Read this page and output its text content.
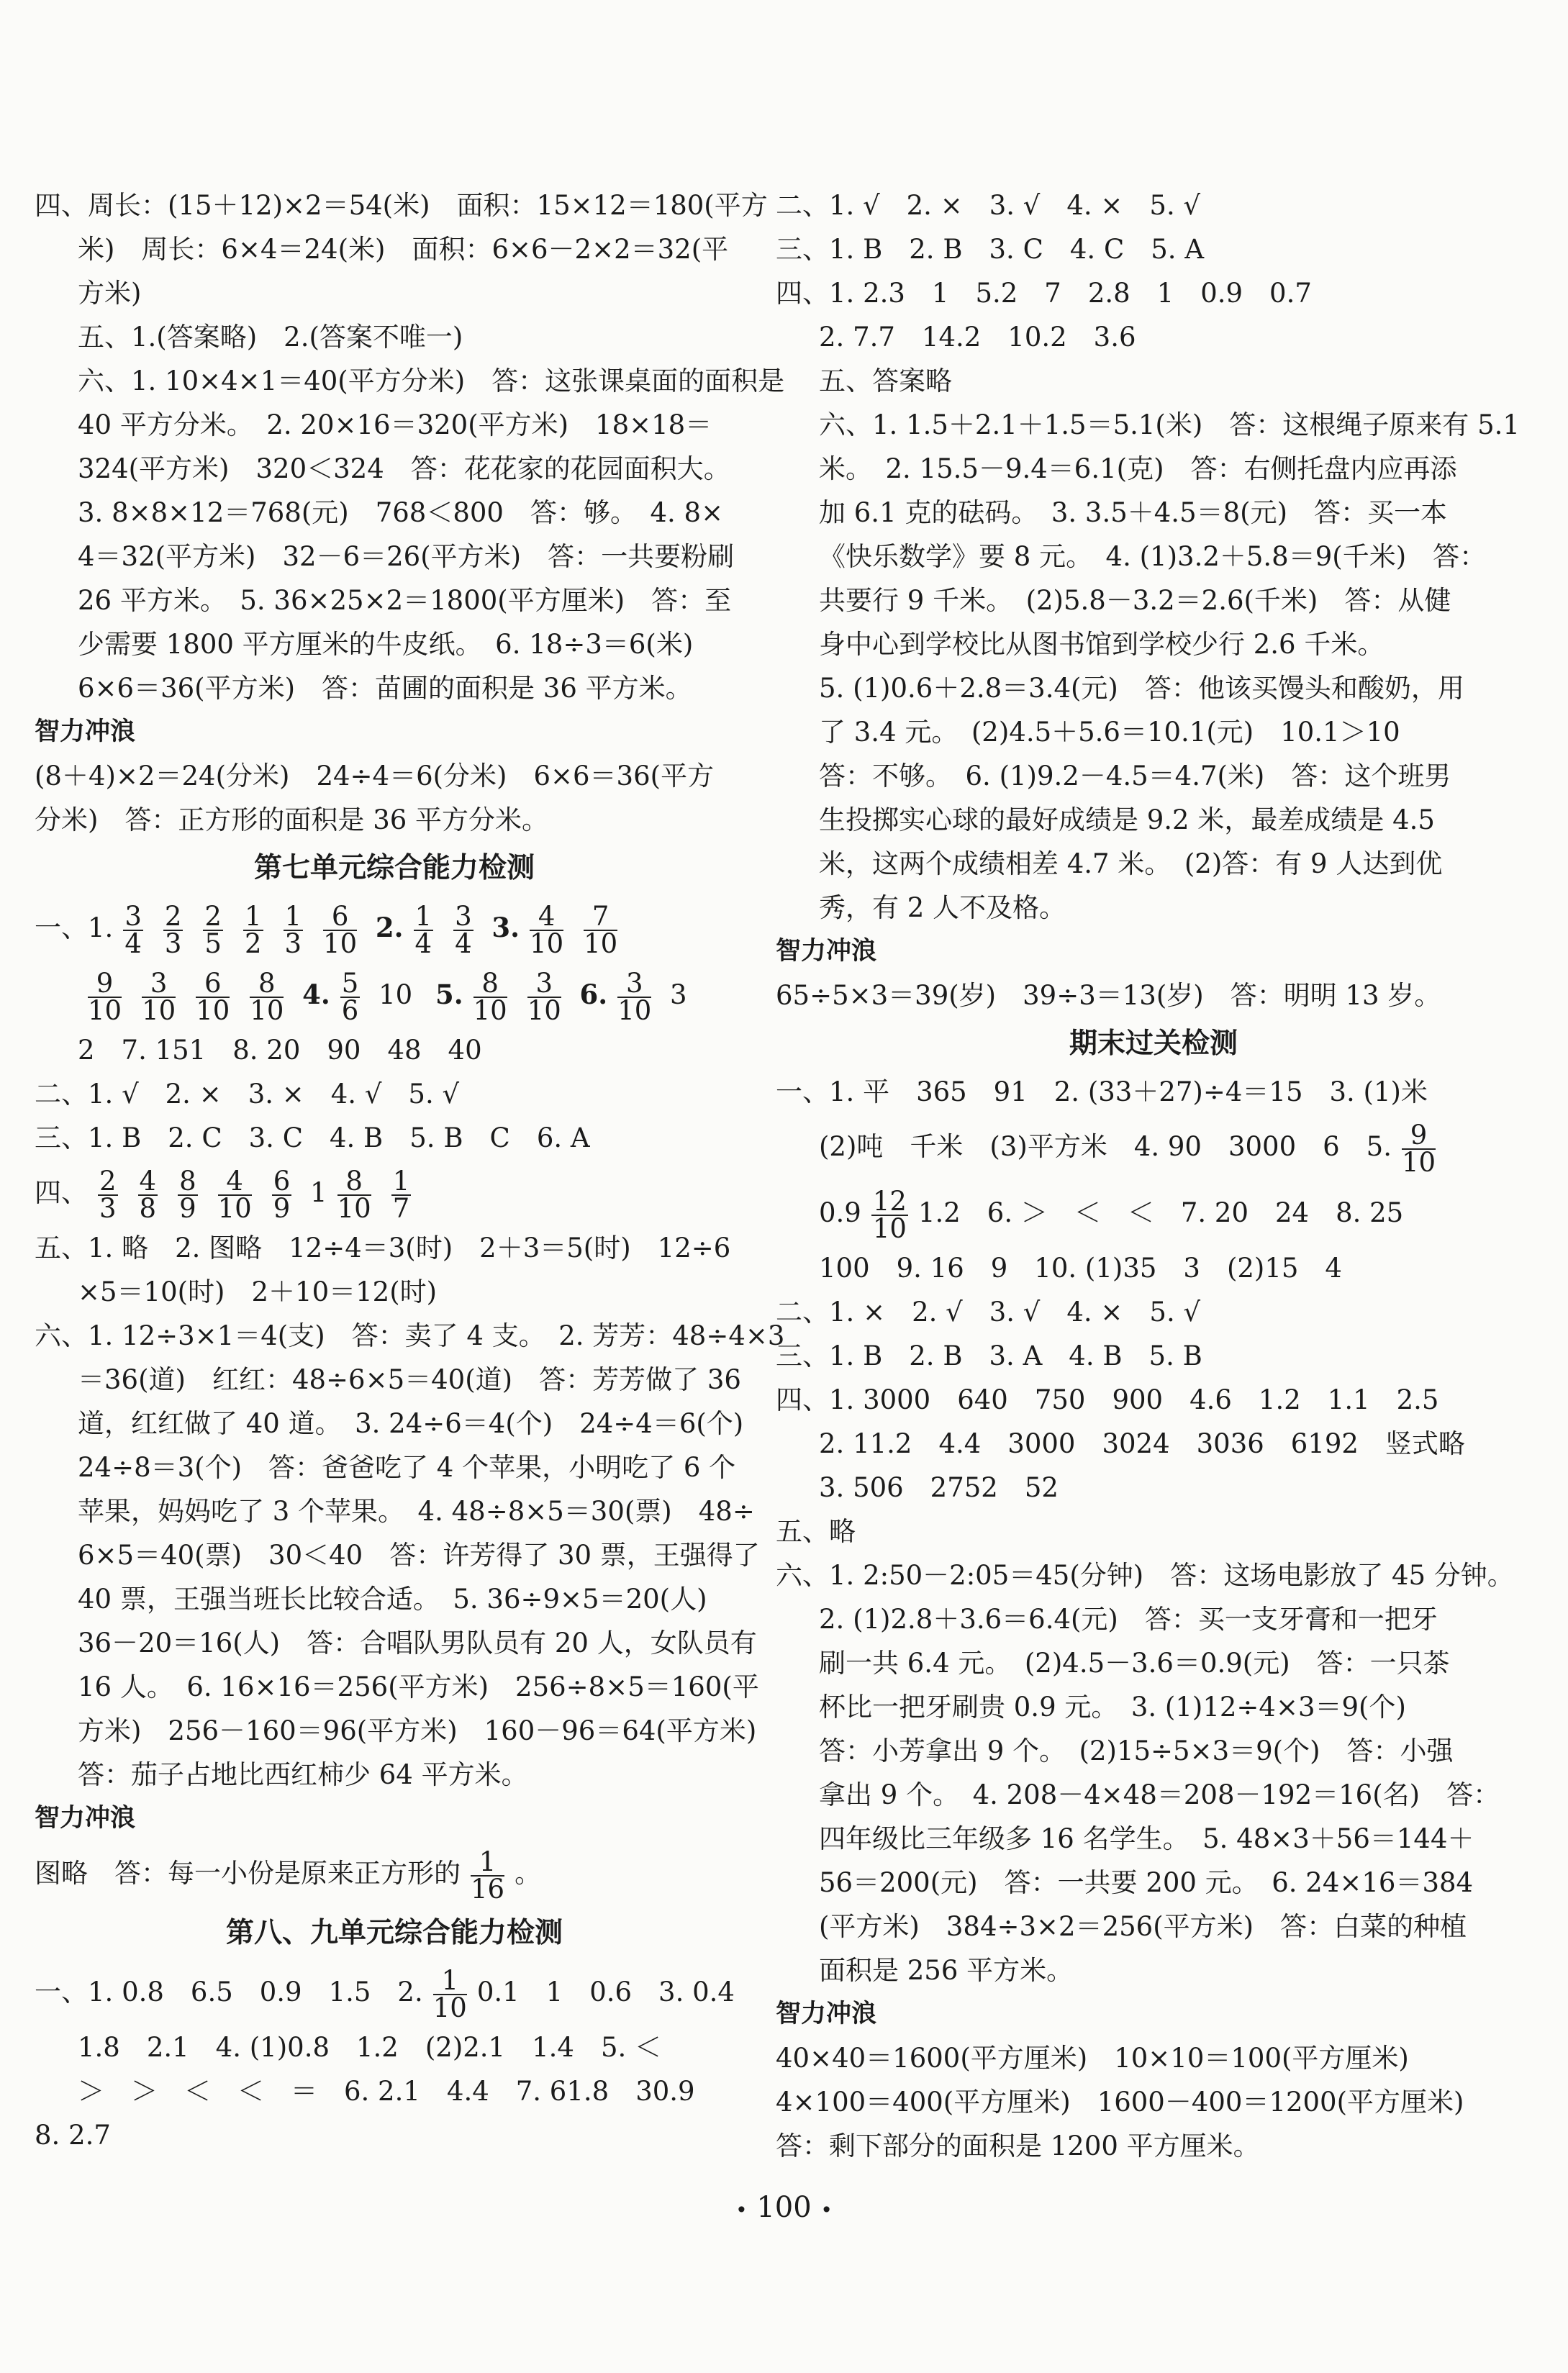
四、周长：(15＋12)×2＝54(米)　面积：15×12＝180(平方
米)　周长：6×4＝24(米)　面积：6×6－2×2＝32(平
方米)
五、1.(答案略)　2.(答案不唯一)
六、1. 10×4×1＝40(平方分米)　答：这张课桌面的面积是
40 平方分米。　2. 20×16＝320(平方米)　18×18＝
324(平方米)　320＜324　答：花花家的花园面积大。
3. 8×8×12＝768(元)　768＜800　答：够。　4. 8×
4＝32(平方米)　32－6＝26(平方米)　答：一共要粉刷
26 平方米。　5. 36×25×2＝1800(平方厘米)　答：至
少需要 1800 平方厘米的牛皮纸。　6. 18÷3＝6(米)
6×6＝36(平方米)　答：苗圃的面积是 36 平方米。
智力冲浪
(8＋4)×2＝24(分米)　24÷4＝6(分米)　6×6＝36(平方
分米)　答：正方形的面积是 36 平方分米。
第七单元综合能力检测
一、1. $\frac{3}{4} \frac{2}{3} \frac{2}{5} \frac{1}{2} \frac{1}{3} \frac{6}{10} 2$. $\frac{1}{4} \frac{3}{4} 3$. $\frac{4}{10} \frac{7}{10}$
$\frac{9}{10} \frac{3}{10} \frac{6}{10} \frac{8}{10} 4$. $\frac{5}{6} 10$ 5. $\frac{8}{10} \frac{3}{10} 6$. $\frac{3}{10} 3$
2　7. 151　8. 20　90　48　40
二、1. √　2. ×　3. ×　4. √　5. √
三、1. B　2. C　3. C　4. B　5. B　C　6. A
四、 $\frac{2}{3} \frac{4}{8} \frac{8}{9} \frac{4}{10} \frac{6}{9} 1 \frac{8}{10} \frac{1}{7}$
五、1. 略　2. 图略　12÷4＝3(时)　2＋3＝5(时)　12÷6
×5＝10(时)　2＋10＝12(时)
六、1. 12÷3×1＝4(支)　答：卖了 4 支。　2. 芳芳：48÷4×3
＝36(道)　红红：48÷6×5＝40(道)　答：芳芳做了 36
道，红红做了 40 道。　3. 24÷6＝4(个)　24÷4＝6(个)
24÷8＝3(个)　答：爸爸吃了 4 个苹果，小明吃了 6 个
苹果，妈妈吃了 3 个苹果。　4. 48÷8×5＝30(票)　48÷
6×5＝40(票)　30＜40　答：许芳得了 30 票，王强得了
40 票，王强当班长比较合适。　5. 36÷9×5＝20(人)
36－20＝16(人)　答：合唱队男队员有 20 人，女队员有
16 人。　6. 16×16＝256(平方米)　256÷8×5＝160(平
方米)　256－160＝96(平方米)　160－96＝64(平方米)
答：茄子占地比西红柿少 64 平方米。
智力冲浪
图略　答：每一小份是原来正方形的 $\frac{1}{16}$ 。
第八、九单元综合能力检测
一、1. 0.8　6.5　0.9　1.5　2. $\frac{1}{10} 0.1$　1　0.6　3. 0.4
1.8　2.1　4. (1)0.8　1.2　(2)2.1　1.4　5. ＜
＞　＞　＜　＜　＝　6. 2.1　4.4　7. 61.8　30.9
8. 2.7
二、1. √　2. ×　3. √　4. ×　5. √
三、1. B　2. B　3. C　4. C　5. A
四、1. 2.3　1　5.2　7　2.8　1　0.9　0.7
2. 7.7　14.2　10.2　3.6
五、答案略
六、1. 1.5＋2.1＋1.5＝5.1(米)　答：这根绳子原来有 5.1
米。　2. 15.5－9.4＝6.1(克)　答：右侧托盘内应再添
加 6.1 克的砝码。　3. 3.5＋4.5＝8(元)　答：买一本
《快乐数学》要 8 元。　4. (1)3.2＋5.8＝9(千米)　答：
共要行 9 千米。　(2)5.8－3.2＝2.6(千米)　答：从健
身中心到学校比从图书馆到学校少行 2.6 千米。
5. (1)0.6＋2.8＝3.4(元)　答：他该买馒头和酸奶，用
了 3.4 元。　(2)4.5＋5.6＝10.1(元)　10.1＞10
答：不够。　6. (1)9.2－4.5＝4.7(米)　答：这个班男
生投掷实心球的最好成绩是 9.2 米，最差成绩是 4.5
米，这两个成绩相差 4.7 米。　(2)答：有 9 人达到优
秀，有 2 人不及格。
智力冲浪
65÷5×3＝39(岁)　39÷3＝13(岁)　答：明明 13 岁。
期末过关检测
一、1. 平　365　91　2. (33＋27)÷4＝15　3. (1)米
(2)吨　千米　(3)平方米　4. 90　3000　6　5. $\frac{9}{10}$
$0.9 \frac{12}{10} 1.2$　6. ＞　＜　＜　7. 20　24　8. 25
100　9. 16　9　10. (1)35　3　(2)15　4
二、1. ×　2. √　3. √　4. ×　5. √
三、1. B　2. B　3. A　4. B　5. B
四、1. 3000　640　750　900　4.6　1.2　1.1　2.5
2. 11.2　4.4　3000　3024　3036　6192　竖式略
3. 506　2752　52
五、略
六、1. 2:50－2:05＝45(分钟)　答：这场电影放了 45 分钟。
2. (1)2.8＋3.6＝6.4(元)　答：买一支牙膏和一把牙
刷一共 6.4 元。　(2)4.5－3.6＝0.9(元)　答：一只茶
杯比一把牙刷贵 0.9 元。　3. (1)12÷4×3＝9(个)
答：小芳拿出 9 个。　(2)15÷5×3＝9(个)　答：小强
拿出 9 个。　4. 208－4×48＝208－192＝16(名)　答：
四年级比三年级多 16 名学生。　5. 48×3＋56＝144＋
56＝200(元)　答：一共要 200 元。　6. 24×16＝384
(平方米)　384÷3×2＝256(平方米)　答：白菜的种植
面积是 256 平方米。
智力冲浪
40×40＝1600(平方厘米)　10×10＝100(平方厘米)
4×100＝400(平方厘米)　1600－400＝1200(平方厘米)
答：剩下部分的面积是 1200 平方厘米。
• 100 •
